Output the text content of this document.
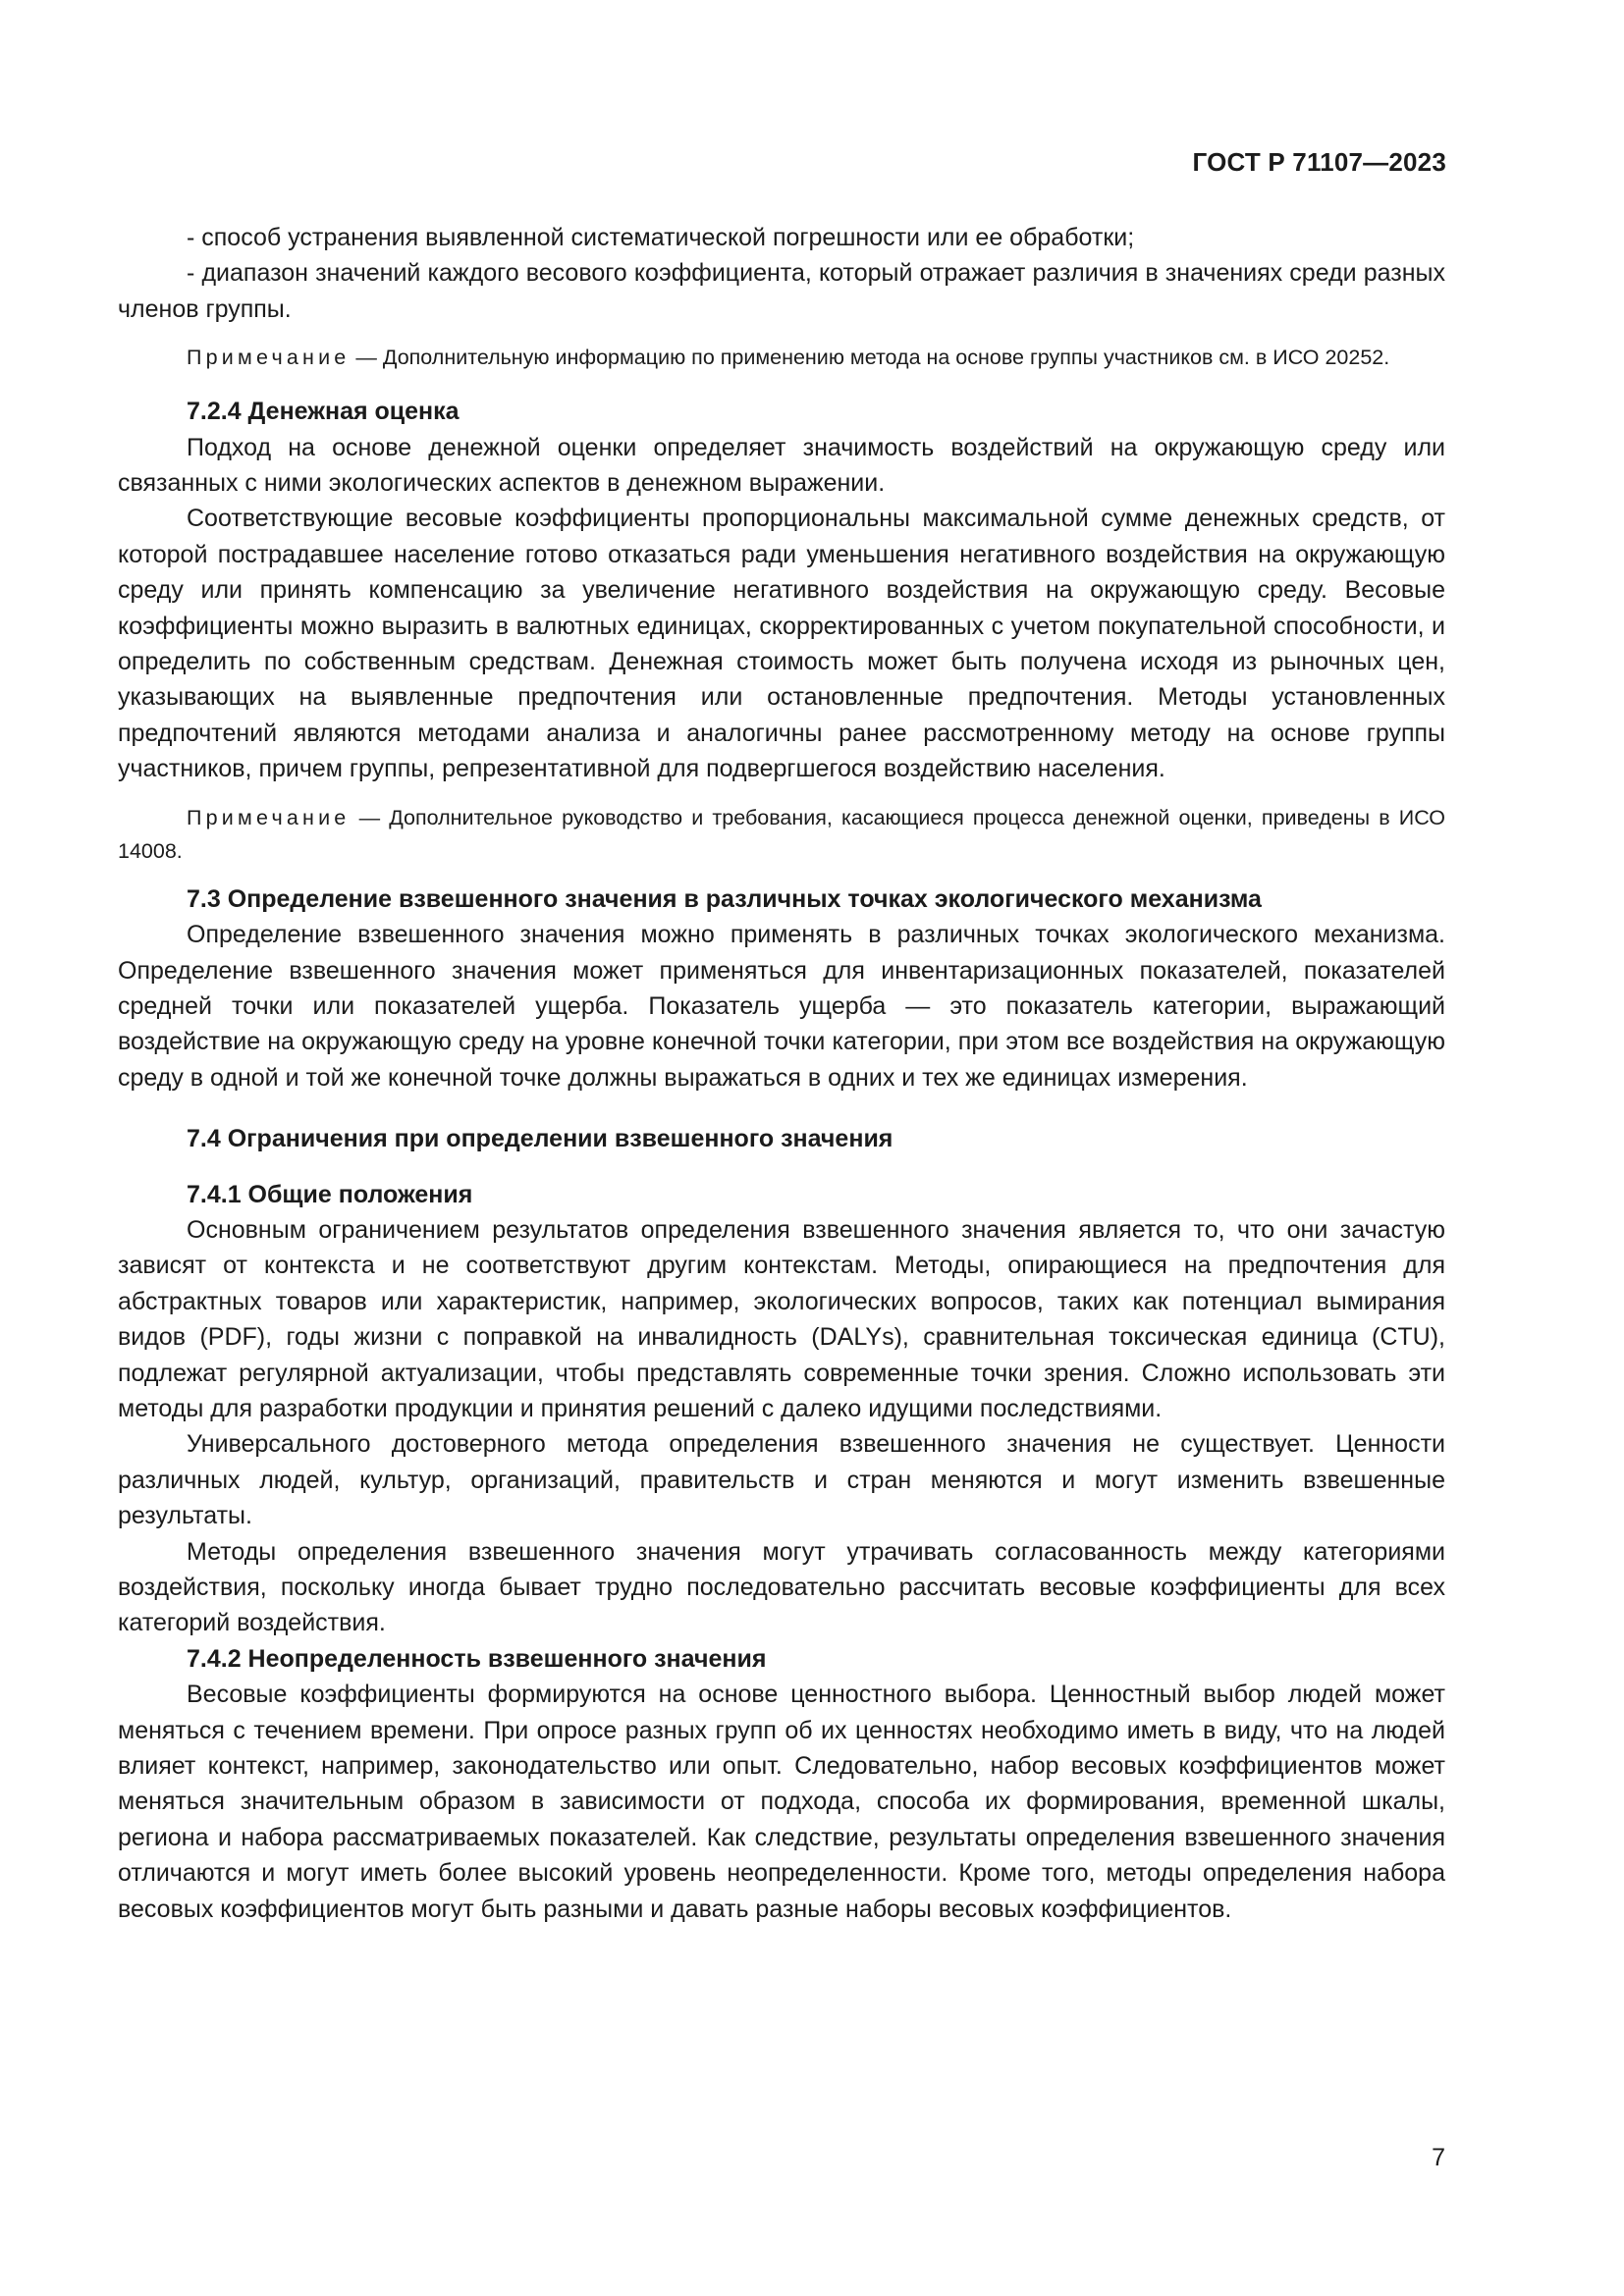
ГОСТ Р 71107—2023

- способ устранения выявленной систематической погрешности или ее обработки;

- диапазон значений каждого весового коэффициента, который отражает различия в значениях среди разных членов группы.

Примечание — Дополнительную информацию по применению метода на основе группы участников см. в ИСО 20252.

7.2.4 Денежная оценка

Подход на основе денежной оценки определяет значимость воздействий на окружающую среду или связанных с ними экологических аспектов в денежном выражении.

Соответствующие весовые коэффициенты пропорциональны максимальной сумме денежных средств, от которой пострадавшее население готово отказаться ради уменьшения негативного воздействия на окружающую среду или принять компенсацию за увеличение негативного воздействия на окружающую среду. Весовые коэффициенты можно выразить в валютных единицах, скорректированных с учетом покупательной способности, и определить по собственным средствам. Денежная стоимость может быть получена исходя из рыночных цен, указывающих на выявленные предпочтения или остановленные предпочтения. Методы установленных предпочтений являются методами анализа и аналогичны ранее рассмотренному методу на основе группы участников, причем группы, репрезентативной для подвергшегося воздействию населения.

Примечание — Дополнительное руководство и требования, касающиеся процесса денежной оценки, приведены в ИСО 14008.

7.3 Определение взвешенного значения в различных точках экологического механизма

Определение взвешенного значения можно применять в различных точках экологического механизма. Определение взвешенного значения может применяться для инвентаризационных показателей, показателей средней точки или показателей ущерба. Показатель ущерба — это показатель категории, выражающий воздействие на окружающую среду на уровне конечной точки категории, при этом все воздействия на окружающую среду в одной и той же конечной точке должны выражаться в одних и тех же единицах измерения.

7.4 Ограничения при определении взвешенного значения

7.4.1 Общие положения

Основным ограничением результатов определения взвешенного значения является то, что они зачастую зависят от контекста и не соответствуют другим контекстам. Методы, опирающиеся на предпочтения для абстрактных товаров или характеристик, например, экологических вопросов, таких как потенциал вымирания видов (PDF), годы жизни с поправкой на инвалидность (DALYs), сравнительная токсическая единица (CTU), подлежат регулярной актуализации, чтобы представлять современные точки зрения. Сложно использовать эти методы для разработки продукции и принятия решений с далеко идущими последствиями.

Универсального достоверного метода определения взвешенного значения не существует. Ценности различных людей, культур, организаций, правительств и стран меняются и могут изменить взвешенные результаты.

Методы определения взвешенного значения могут утрачивать согласованность между категориями воздействия, поскольку иногда бывает трудно последовательно рассчитать весовые коэффициенты для всех категорий воздействия.

7.4.2 Неопределенность взвешенного значения

Весовые коэффициенты формируются на основе ценностного выбора. Ценностный выбор людей может меняться с течением времени. При опросе разных групп об их ценностях необходимо иметь в виду, что на людей влияет контекст, например, законодательство или опыт. Следовательно, набор весовых коэффициентов может меняться значительным образом в зависимости от подхода, способа их формирования, временной шкалы, региона и набора рассматриваемых показателей. Как следствие, результаты определения взвешенного значения отличаются и могут иметь более высокий уровень неопределенности. Кроме того, методы определения набора весовых коэффициентов могут быть разными и давать разные наборы весовых коэффициентов.

7
